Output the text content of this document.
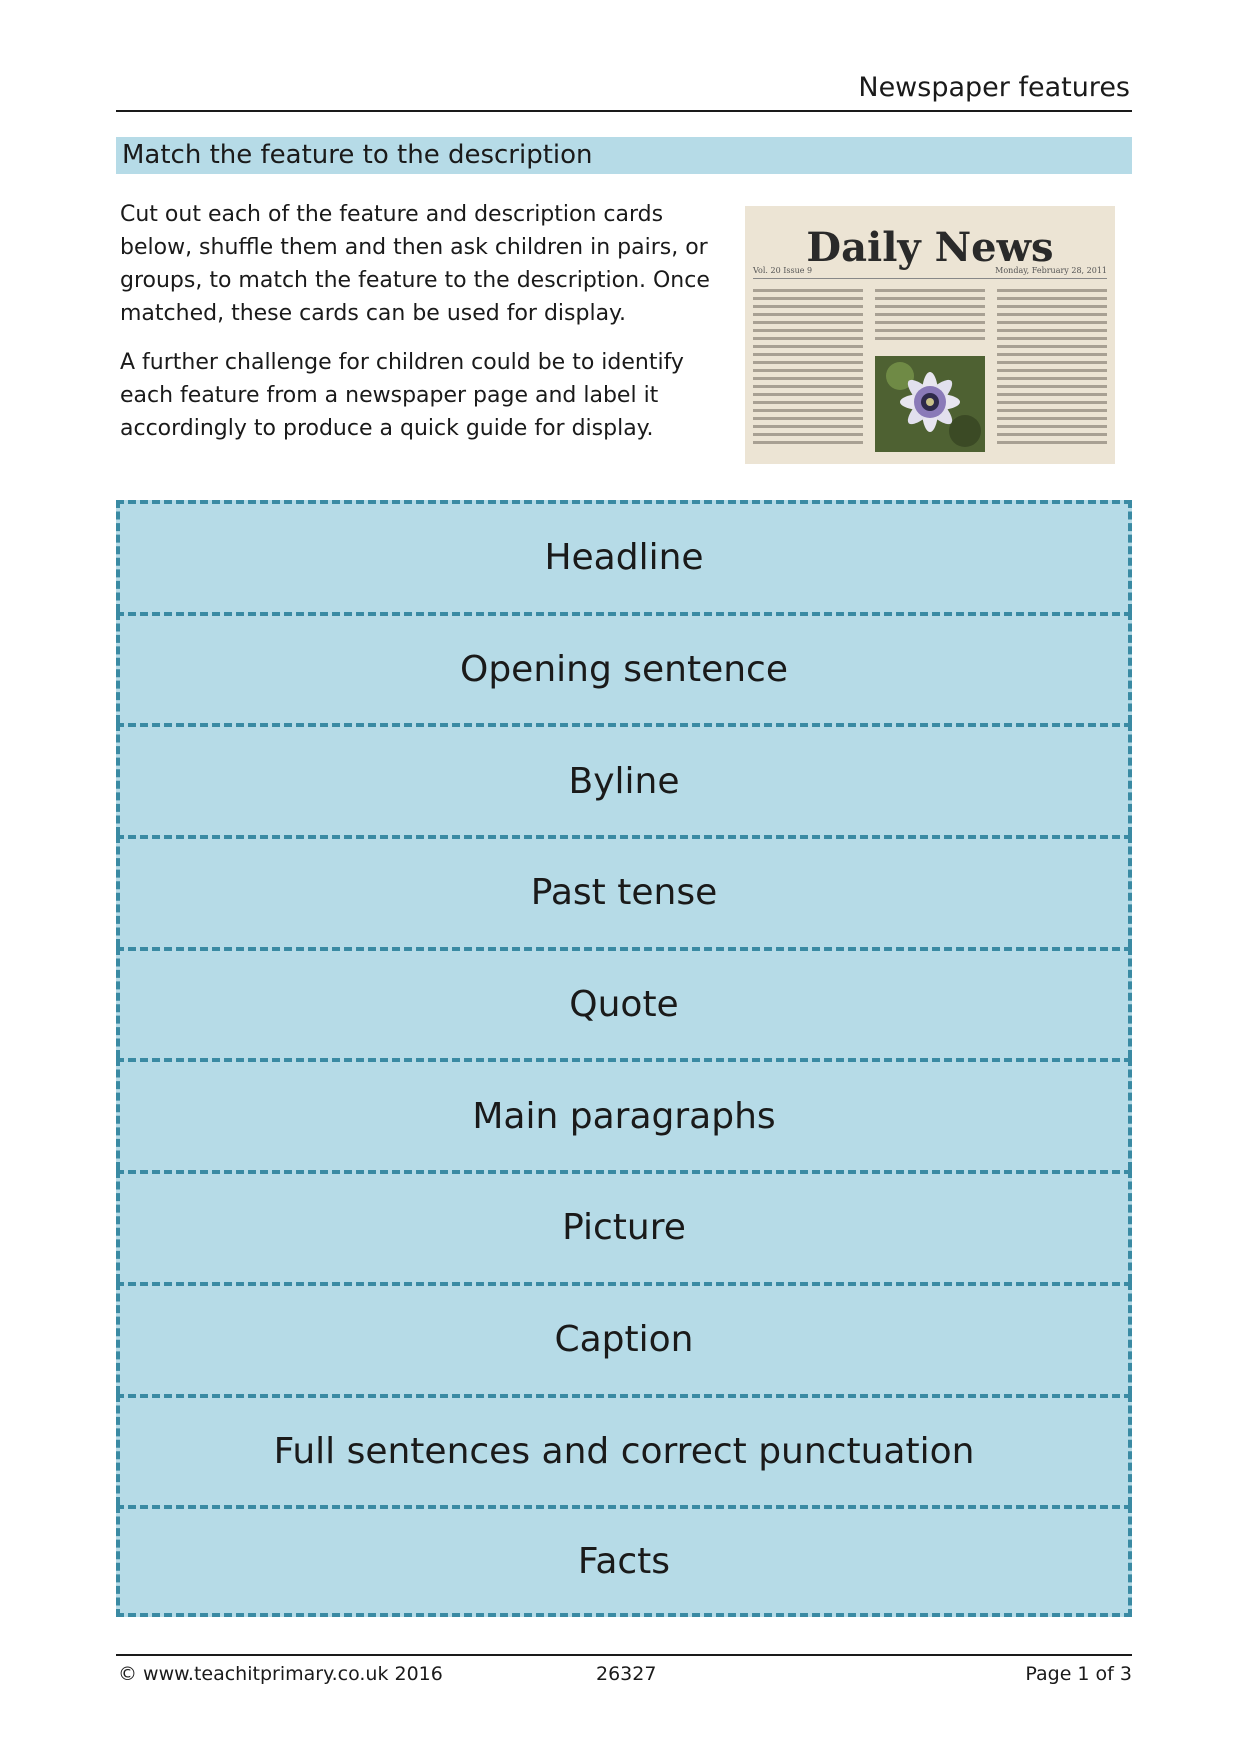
Newspaper features
Match the feature to the description

Cut out each of the feature and description cards below, shuffle them and then ask children in pairs, or groups, to match the feature to the description. Once matched, these cards can be used for display.

A further challenge for children could be to identify each feature from a newspaper page and label it accordingly to produce a quick guide for display.

Daily News
Vol. 20 Issue 9	Monday, February 28, 2011
Headline
Opening sentence
Byline
Past tense
Quote
Main paragraphs
Picture
Caption
Full sentences and correct punctuation
Facts
© www.teachitprimary.co.uk 2016	26327	Page 1 of 3
